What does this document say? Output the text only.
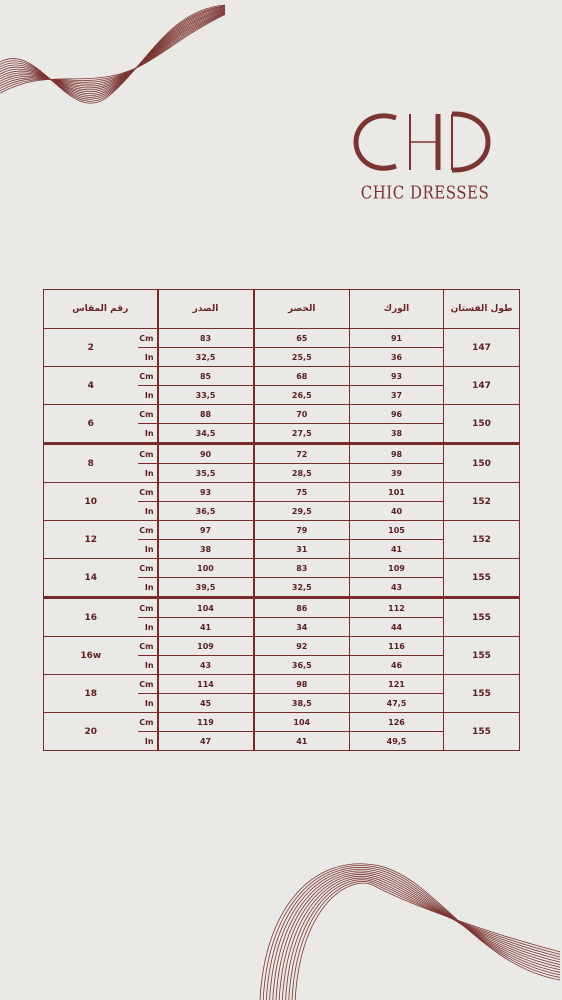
CHIC DRESSES
رقم المقاس		الصدر	الخصر	الورك	طول الفستان
2	Cm	83	65	91	147
	In	32,5	25,5	36	
4	Cm	85	68	93	147
	In	33,5	26,5	37	
6	Cm	88	70	96	150
	In	34,5	27,5	38	
8	Cm	90	72	98	150
	In	35,5	28,5	39	
10	Cm	93	75	101	152
	In	36,5	29,5	40	
12	Cm	97	79	105	152
	In	38	31	41	
14	Cm	100	83	109	155
	In	39,5	32,5	43	
16	Cm	104	86	112	155
	In	41	34	44	
16w	Cm	109	92	116	155
	In	43	36,5	46	
18	Cm	114	98	121	155
	In	45	38,5	47,5	
20	Cm	119	104	126	155
	In	47	41	49,5	
